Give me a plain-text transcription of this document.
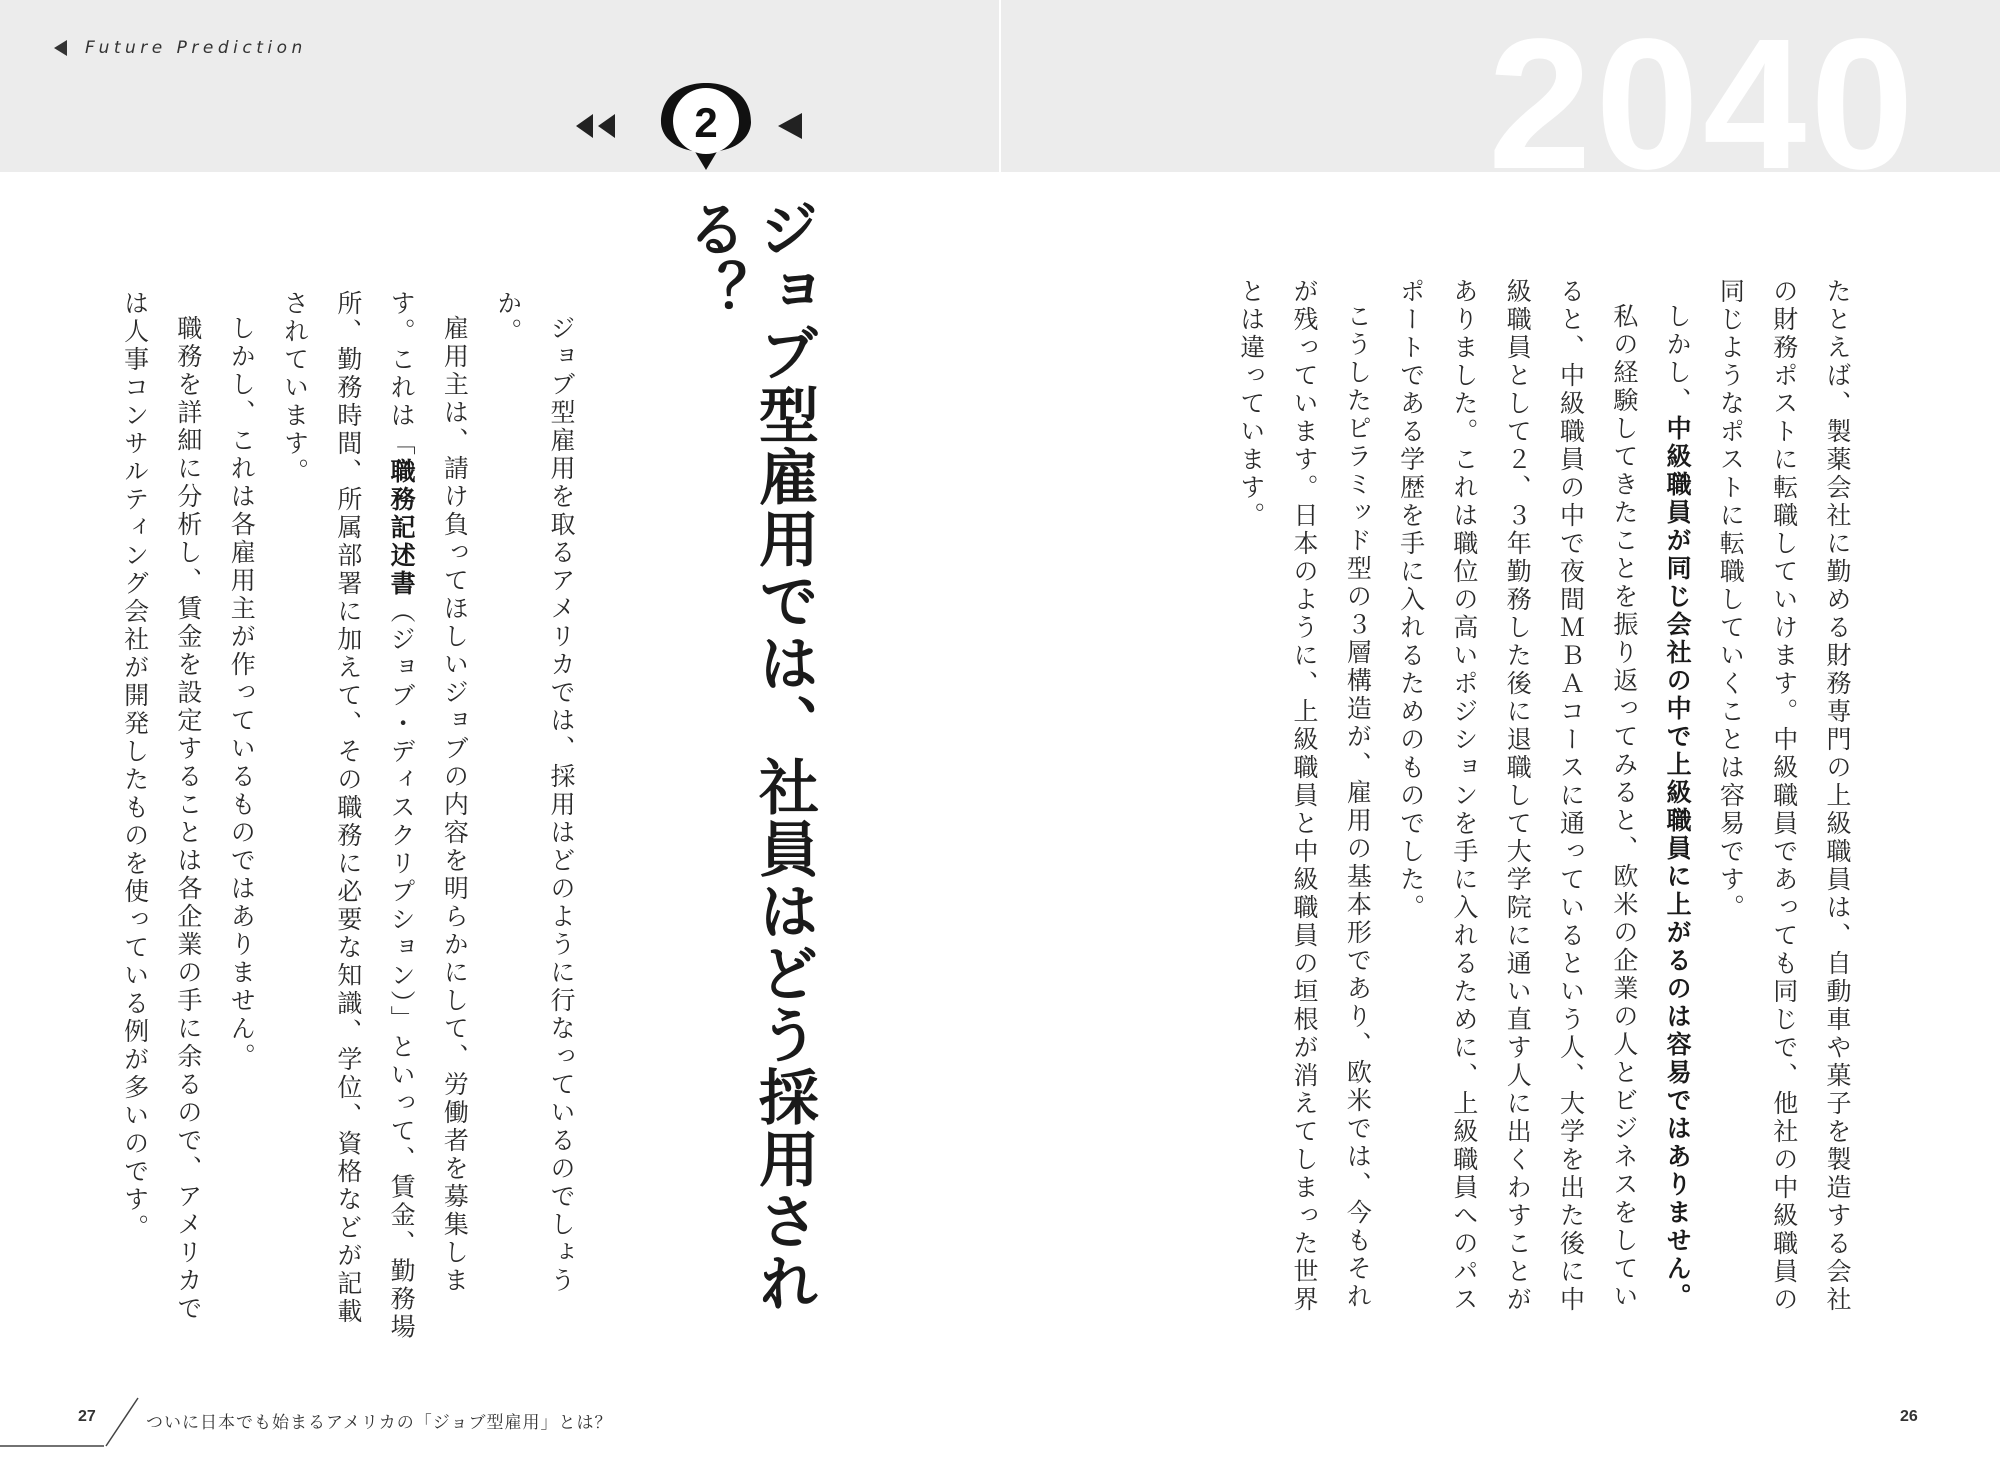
Future Prediction	2040
2
ジョブ型雇用では、社員はどう採用される？

ジョブ型雇用を取るアメリカでは、採用はどのように行なっているのでしょうか。

雇用主は、請け負ってほしいジョブの内容を明らかにして、労働者を募集します。これは「職務記述書（ジョブ・ディスクリプション）」といって、賃金、勤務場所、勤務時間、所属部署に加えて、その職務に必要な知識、学位、資格などが記載されています。

しかし、これは各雇用主が作っているものではありません。

職務を詳細に分析し、賃金を設定することは各企業の手に余るので、アメリカでは人事コンサルティング会社が開発したものを使っている例が多いのです。	たとえば、製薬会社に勤める財務専門の上級職員は、自動車や菓子を製造する会社の財務ポストに転職していけます。中級職員であっても同じで、他社の中級職員の同じようなポストに転職していくことは容易です。

しかし、中級職員が同じ会社の中で上級職員に上がるのは容易ではありません。

私の経験してきたことを振り返ってみると、欧米の企業の人とビジネスをしていると、中級職員の中で夜間ＭＢＡコースに通っているという人、大学を出た後に中級職員として２、３年勤務した後に退職して大学院に通い直す人に出くわすことがありました。これは職位の高いポジションを手に入れるために、上級職員へのパスポートである学歴を手に入れるためのものでした。

こうしたピラミッド型の３層構造が、雇用の基本形であり、欧米では、今もそれが残っています。日本のように、上級職員と中級職員の垣根が消えてしまった世界とは違っています。

27	ついに日本でも始まるアメリカの「ジョブ型雇用」とは？	26
